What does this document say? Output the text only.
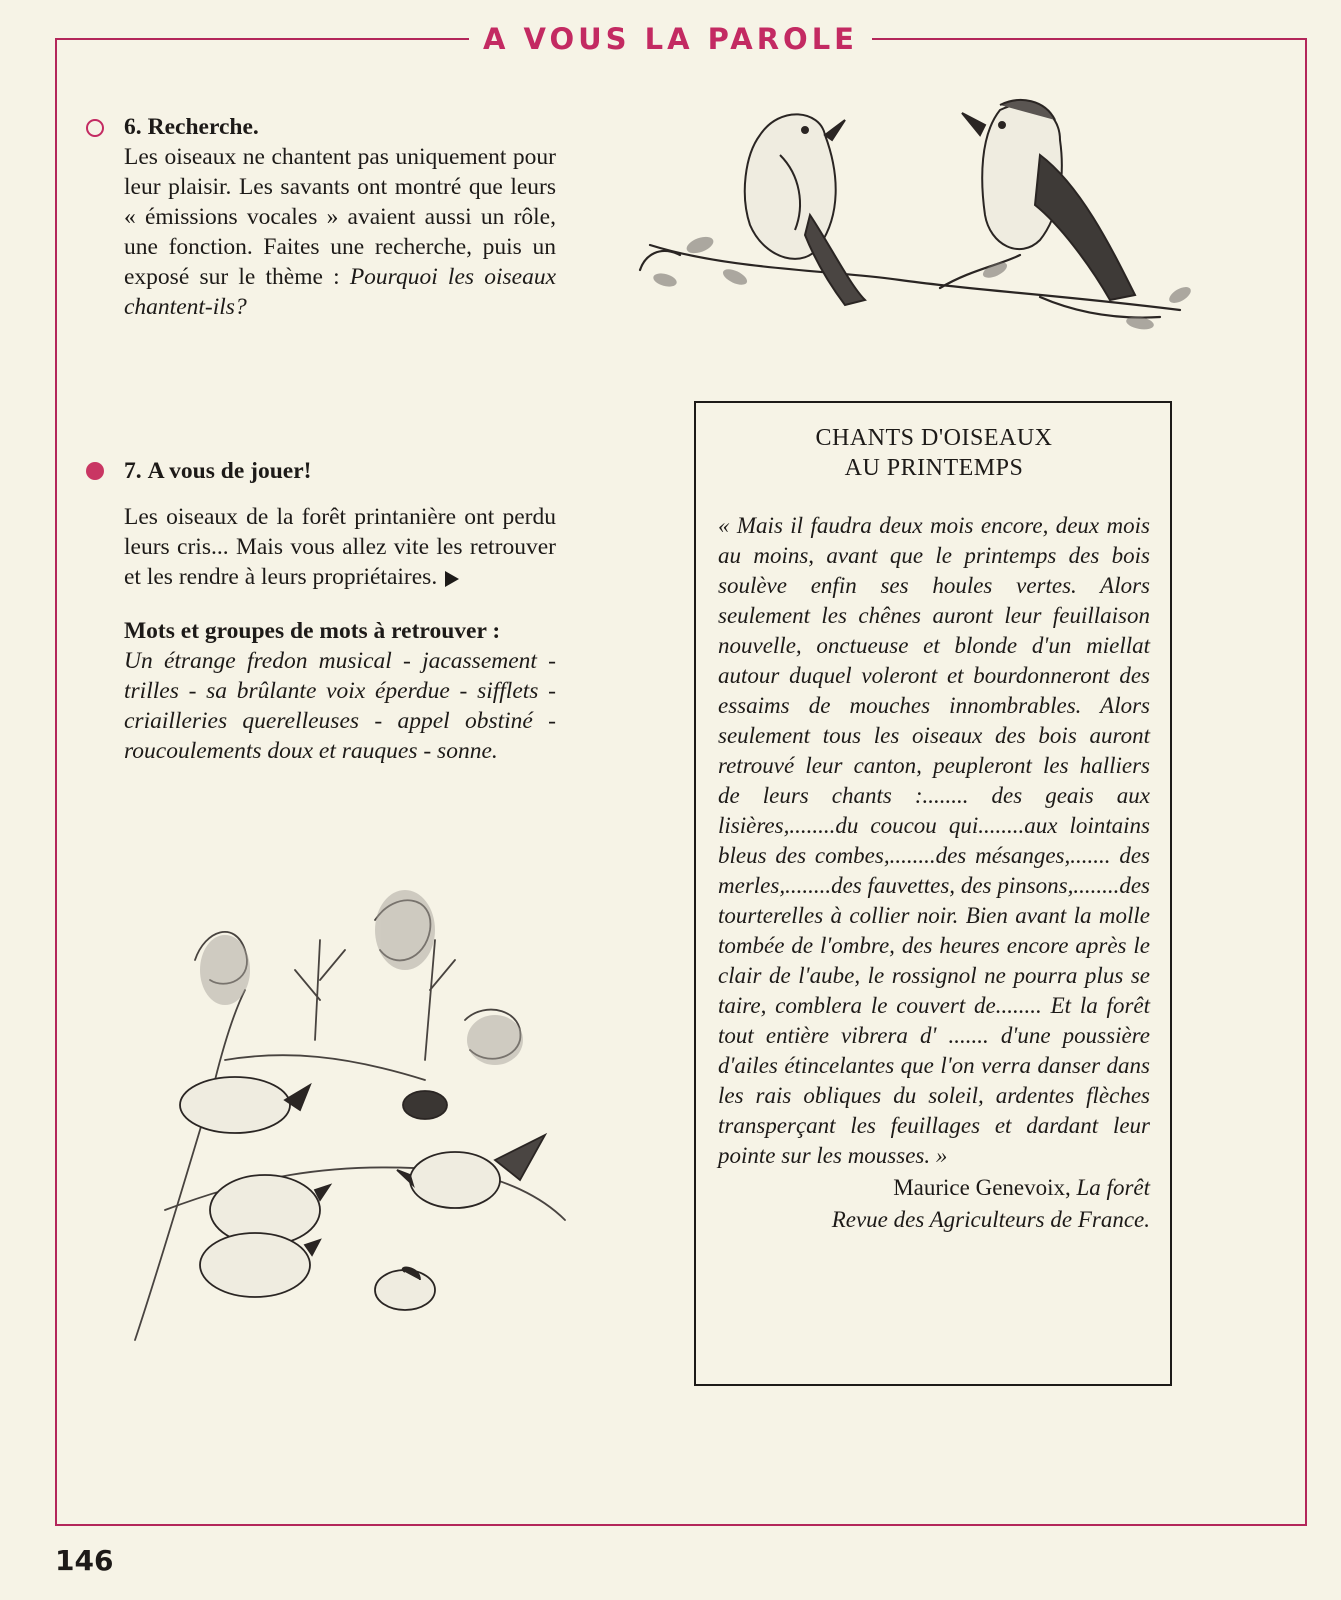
A VOUS LA PAROLE

6. Recherche.

Les oiseaux ne chantent pas uniquement pour leur plaisir. Les savants ont montré que leurs « émissions vocales » avaient aussi un rôle, une fonction. Faites une recherche, puis un exposé sur le thème : Pourquoi les oiseaux chantent-ils?

7. A vous de jouer!

Les oiseaux de la forêt printanière ont perdu leurs cris... Mais vous allez vite les retrouver et les rendre à leurs propriétaires.

Mots et groupes de mots à retrouver :

Un étrange fredon musical - jacassement - trilles - sa brûlante voix éperdue - sifflets - criailleries querelleuses - appel obstiné - roucoulements doux et rauques - sonne.

CHANTS D'OISEAUX
AU PRINTEMPS
« Mais il faudra deux mois encore, deux mois au moins, avant que le printemps des bois soulève enfin ses houles vertes. Alors seulement les chênes auront leur feuillaison nouvelle, onctueuse et blonde d'un miellat autour duquel voleront et bourdonneront des essaims de mouches innombrables. Alors seulement tous les oiseaux des bois auront retrouvé leur canton, peupleront les halliers de leurs chants :........ des geais aux lisières,........du coucou qui........aux lointains bleus des combes,........des mésanges,....... des merles,........des fauvettes, des pinsons,........des tourterelles à collier noir. Bien avant la molle tombée de l'ombre, des heures encore après le clair de l'aube, le rossignol ne pourra plus se taire, comblera le couvert de........ Et la forêt tout entière vibrera d' ....... d'une poussière d'ailes étincelantes que l'on verra danser dans les rais obliques du soleil, ardentes flèches transperçant les feuillages et dardant leur pointe sur les mousses. »
Maurice Genevoix, La forêt
Revue des Agriculteurs de France.
146
